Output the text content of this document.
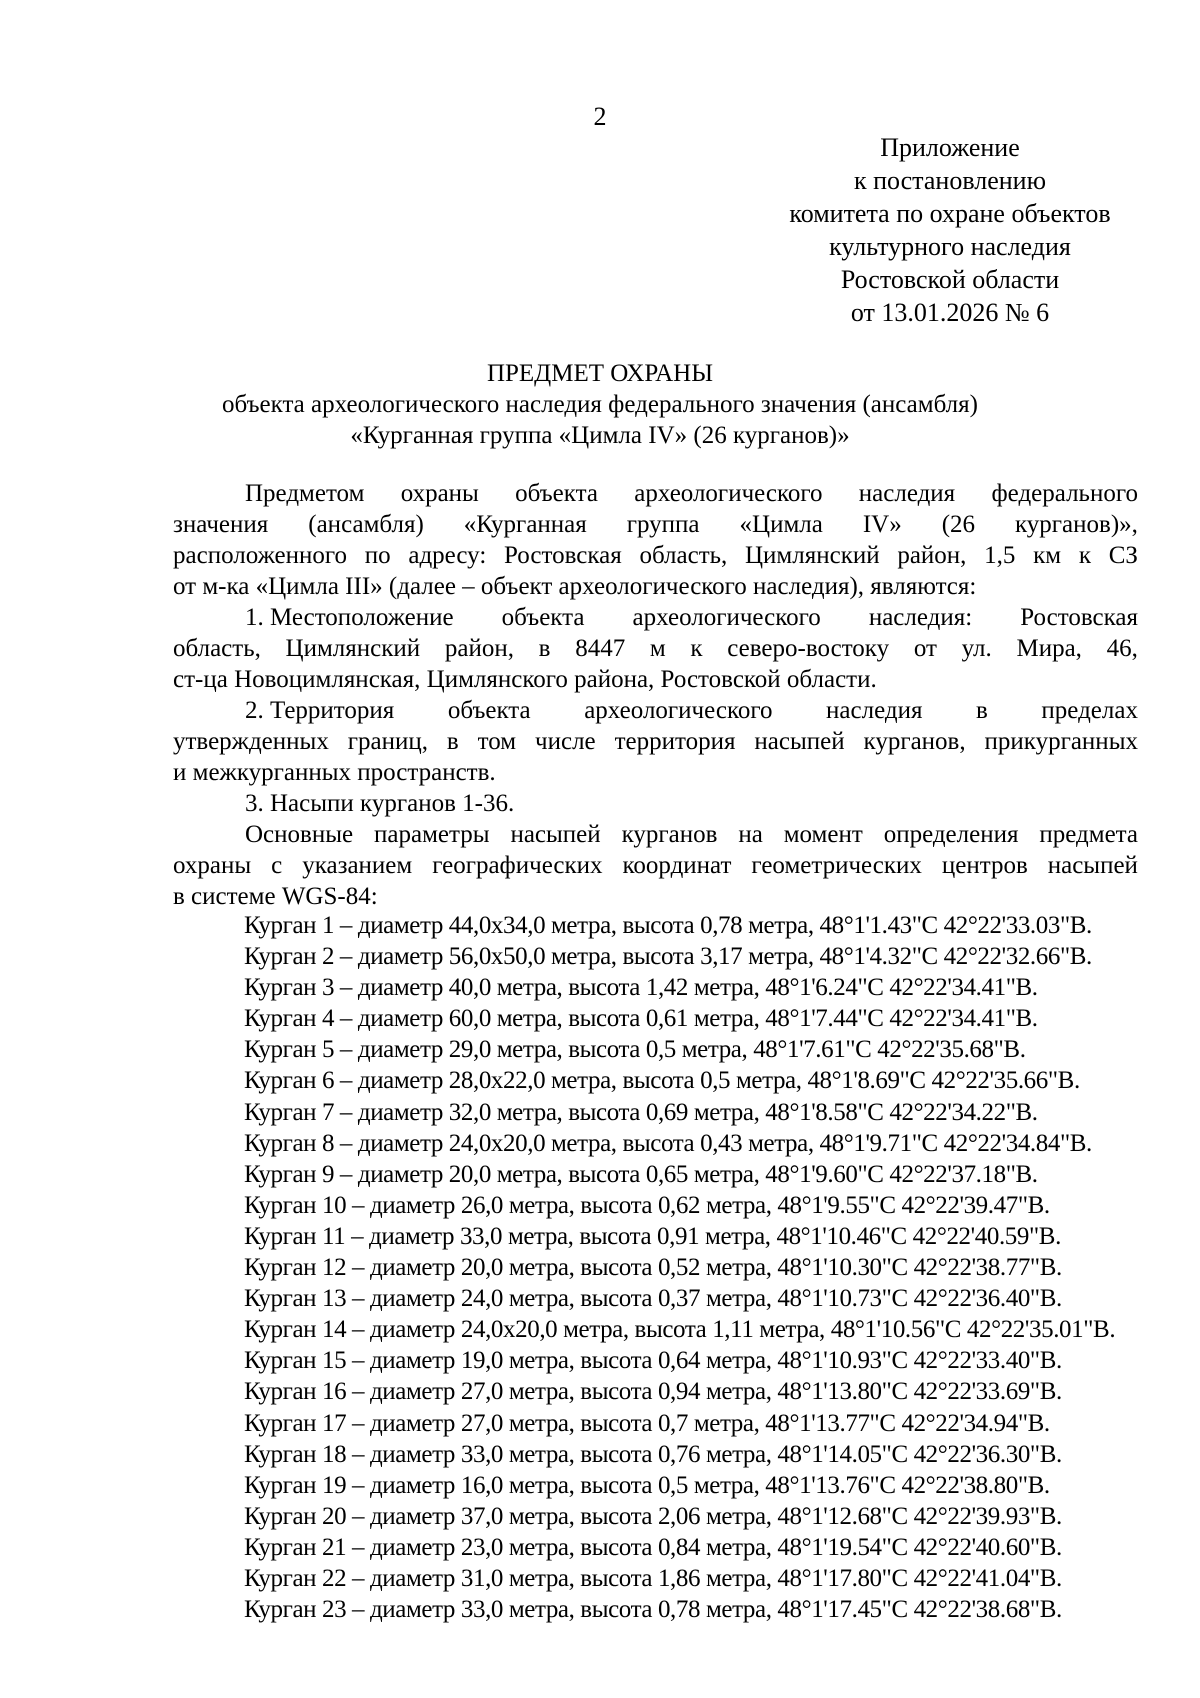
2
Приложение
к постановлению
комитета по охране объектов
культурного наследия
Ростовской области
от 13.01.2026 № 6
ПРЕДМЕТ ОХРАНЫ
объекта археологического наследия федерального значения (ансамбля)
«Курганная группа «Цимла IV» (26 курганов)»
Предметом охраны объекта археологического наследия федерального
значения (ансамбля) «Курганная группа «Цимла IV» (26 курганов)»,
расположенного по адресу: Ростовская область, Цимлянский район, 1,5 км к СЗ
от м-ка «Цимла III» (далее – объект археологического наследия), являются:
1. Местоположение объекта археологического наследия: Ростовская
область, Цимлянский район, в 8447 м к северо-востоку от ул. Мира, 46,
ст-ца Новоцимлянская, Цимлянского района, Ростовской области.
2. Территория объекта археологического наследия в пределах
утвержденных границ, в том числе территория насыпей курганов, прикурганных
и межкурганных пространств.
3. Насыпи курганов 1-36.
Основные параметры насыпей курганов на момент определения предмета
охраны с указанием географических координат геометрических центров насыпей
в системе WGS-84:
Курган 1 – диаметр 44,0х34,0 метра, высота 0,78 метра, 48°1'1.43"С 42°22'33.03"В.
Курган 2 – диаметр 56,0х50,0 метра, высота 3,17 метра, 48°1'4.32"С 42°22'32.66"В.
Курган 3 – диаметр 40,0 метра, высота 1,42 метра, 48°1'6.24"С 42°22'34.41"В.
Курган 4 – диаметр 60,0 метра, высота 0,61 метра, 48°1'7.44"С 42°22'34.41"В.
Курган 5 – диаметр 29,0 метра, высота 0,5 метра, 48°1'7.61"С 42°22'35.68"В.
Курган 6 – диаметр 28,0х22,0 метра, высота 0,5 метра, 48°1'8.69"С 42°22'35.66"В.
Курган 7 – диаметр 32,0 метра, высота 0,69 метра, 48°1'8.58"С 42°22'34.22"В.
Курган 8 – диаметр 24,0х20,0 метра, высота 0,43 метра, 48°1'9.71"С 42°22'34.84"В.
Курган 9 – диаметр 20,0 метра, высота 0,65 метра, 48°1'9.60"С 42°22'37.18"В.
Курган 10 – диаметр 26,0 метра, высота 0,62 метра, 48°1'9.55"С 42°22'39.47"В.
Курган 11 – диаметр 33,0 метра, высота 0,91 метра, 48°1'10.46"С 42°22'40.59"В.
Курган 12 – диаметр 20,0 метра, высота 0,52 метра, 48°1'10.30"С 42°22'38.77"В.
Курган 13 – диаметр 24,0 метра, высота 0,37 метра, 48°1'10.73"С 42°22'36.40"В.
Курган 14 – диаметр 24,0х20,0 метра, высота 1,11 метра, 48°1'10.56"С 42°22'35.01"В.
Курган 15 – диаметр 19,0 метра, высота 0,64 метра, 48°1'10.93"С 42°22'33.40"В.
Курган 16 – диаметр 27,0 метра, высота 0,94 метра, 48°1'13.80"С 42°22'33.69"В.
Курган 17 – диаметр 27,0 метра, высота 0,7 метра, 48°1'13.77"С 42°22'34.94"В.
Курган 18 – диаметр 33,0 метра, высота 0,76 метра, 48°1'14.05"С 42°22'36.30"В.
Курган 19 – диаметр 16,0 метра, высота 0,5 метра, 48°1'13.76"С 42°22'38.80"В.
Курган 20 – диаметр 37,0 метра, высота 2,06 метра, 48°1'12.68"С 42°22'39.93"В.
Курган 21 – диаметр 23,0 метра, высота 0,84 метра, 48°1'19.54"С 42°22'40.60"В.
Курган 22 – диаметр 31,0 метра, высота 1,86 метра, 48°1'17.80"С 42°22'41.04"В.
Курган 23 – диаметр 33,0 метра, высота 0,78 метра, 48°1'17.45"С 42°22'38.68"В.
